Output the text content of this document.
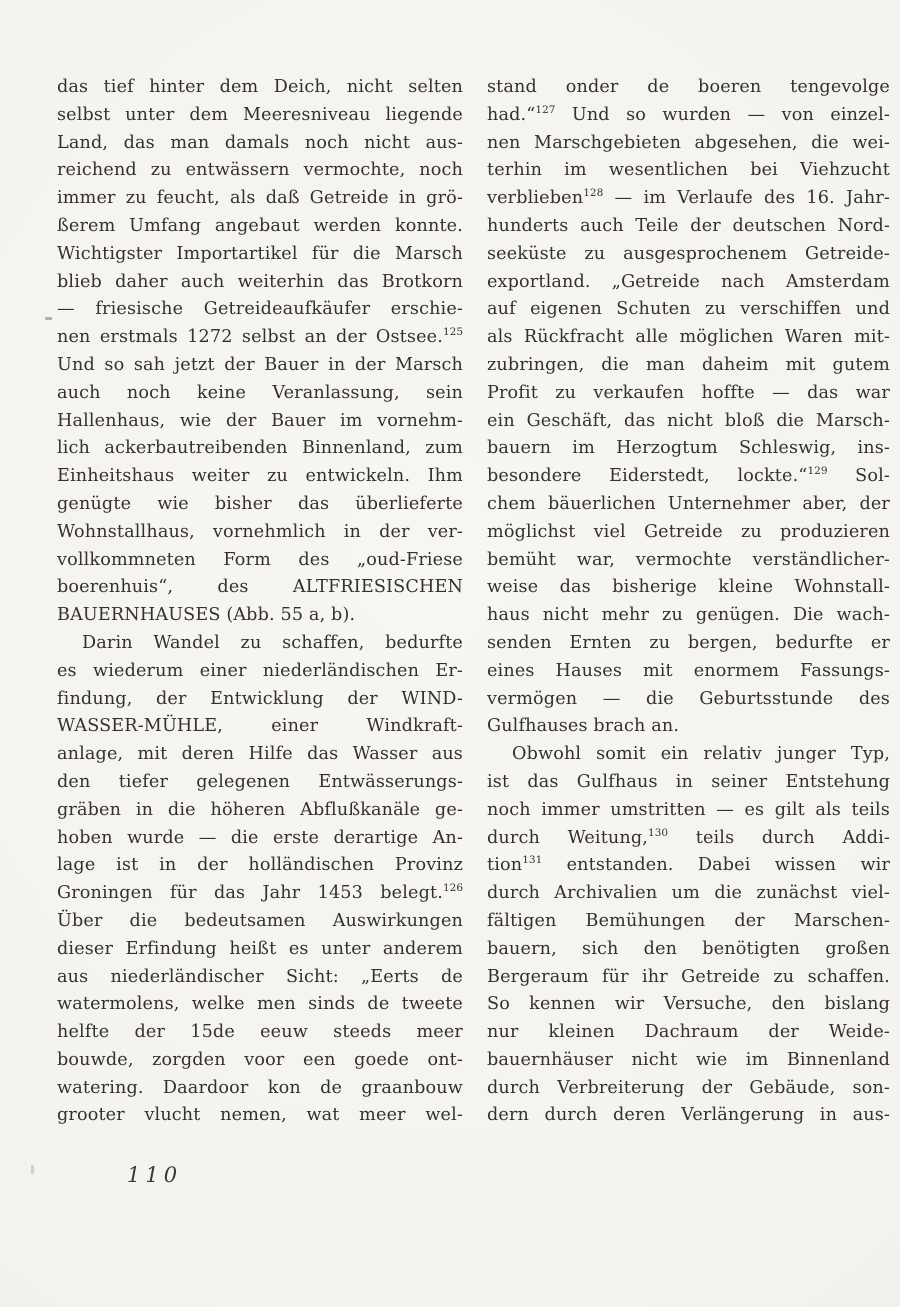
das tief hinter dem Deich, nicht selten
selbst unter dem Meeresniveau liegende
Land, das man damals noch nicht aus-
reichend zu entwässern vermochte, noch
immer zu feucht, als daß Getreide in grö-
ßerem Umfang angebaut werden konnte.
Wichtigster Importartikel für die Marsch
blieb daher auch weiterhin das Brotkorn
— friesische Getreideaufkäufer erschie-
nen erstmals 1272 selbst an der Ostsee.$^{125}$
Und so sah jetzt der Bauer in der Marsch
auch noch keine Veranlassung, sein
Hallenhaus, wie der Bauer im vornehm-
lich ackerbautreibenden Binnenland, zum
Einheitshaus weiter zu entwickeln. Ihm
genügte wie bisher das überlieferte
Wohnstallhaus, vornehmlich in der ver-
vollkommneten Form des „oud-Friese
boerenhuis“, des ALTFRIESISCHEN
BAUERNHAUSES (Abb. 55 a, b).
Darin Wandel zu schaffen, bedurfte
es wiederum einer niederländischen Er-
findung, der Entwicklung der WIND-
WASSER-MÜHLE, einer Windkraft-
anlage, mit deren Hilfe das Wasser aus
den tiefer gelegenen Entwässerungs-
gräben in die höheren Abflußkanäle ge-
hoben wurde — die erste derartige An-
lage ist in der holländischen Provinz
Groningen für das Jahr 1453 belegt.$^{126}$
Über die bedeutsamen Auswirkungen
dieser Erfindung heißt es unter anderem
aus niederländischer Sicht: „Eerts de
watermolens, welke men sinds de tweete
helfte der 15de eeuw steeds meer
bouwde, zorgden voor een goede ont-
watering. Daardoor kon de graanbouw
grooter vlucht nemen, wat meer wel-
stand onder de boeren tengevolge
had.“$^{127}$ Und so wurden — von einzel-
nen Marschgebieten abgesehen, die wei-
terhin im wesentlichen bei Viehzucht
verblieben$^{128}$ — im Verlaufe des 16. Jahr-
hunderts auch Teile der deutschen Nord-
seeküste zu ausgesprochenem Getreide-
exportland. „Getreide nach Amsterdam
auf eigenen Schuten zu verschiffen und
als Rückfracht alle möglichen Waren mit-
zubringen, die man daheim mit gutem
Profit zu verkaufen hoffte — das war
ein Geschäft, das nicht bloß die Marsch-
bauern im Herzogtum Schleswig, ins-
besondere Eiderstedt, lockte.“$^{129}$ Sol-
chem bäuerlichen Unternehmer aber, der
möglichst viel Getreide zu produzieren
bemüht war, vermochte verständlicher-
weise das bisherige kleine Wohnstall-
haus nicht mehr zu genügen. Die wach-
senden Ernten zu bergen, bedurfte er
eines Hauses mit enormem Fassungs-
vermögen — die Geburtsstunde des
Gulfhauses brach an.
Obwohl somit ein relativ junger Typ,
ist das Gulfhaus in seiner Entstehung
noch immer umstritten — es gilt als teils
durch Weitung,$^{130}$ teils durch Addi-
tion$^{131}$ entstanden. Dabei wissen wir
durch Archivalien um die zunächst viel-
fältigen Bemühungen der Marschen-
bauern, sich den benötigten großen
Bergeraum für ihr Getreide zu schaffen.
So kennen wir Versuche, den bislang
nur kleinen Dachraum der Weide-
bauernhäuser nicht wie im Binnenland
durch Verbreiterung der Gebäude, son-
dern durch deren Verlängerung in aus-
110
